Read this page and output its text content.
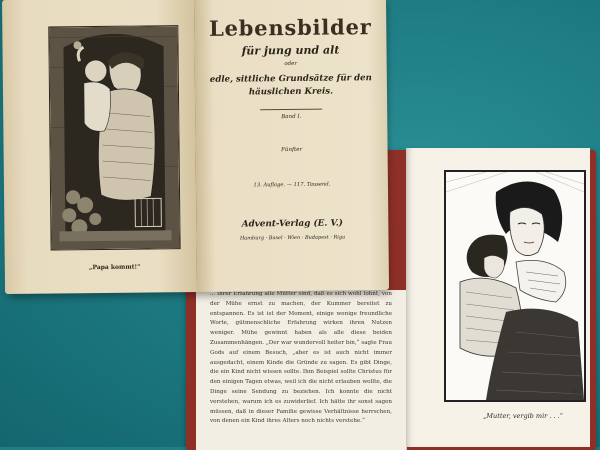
... ihrer Erfahrung alle Mütter sind, daß es sich wohl lohnt, von der Mühe ernst zu machen, der Kummer bereitet zu entspannen. Es ist ist der Moment, einige wenige freundliche Worte, gütmenschliche Erfahrung wirken ihren Nutzen weniger. Mühe gewinnt haben als alle diese beiden Zusammenhängen. „Der war wundervoll heiter bin,“ sagte Frau Gods auf einem Besuch, „aber es ist auch nicht immer ausgedacht, einem Kinde die Gründe zu sagen. Es gibt Dinge, die ein Kind nicht wissen sollte. Ihm Beispiel sollte Christus für den einigen Tagen etwas, weil ich die nicht erlauben wollte, die Dinge seine Sendung zu beziehen. Ich konnte die nicht verstehen, warum ich es zuwiderlief. Ich hätte ihr sonst sagen müssen, daß in dieser Familie gewisse Verhältnisse herrschen, von denen ein Kind ihres Alters noch nichts verstehe.“
RG
„Mutter, vergib mir . . .“
„Papa kommt!“
Lebensbilder
für jung und alt
oder
edle, sittliche Grundsätze für den
häuslichen Kreis.
Band I.
Fünfter
13. Auflage. — 117. Tausend.
Advent-Verlag (E. V.)
Hamburg · Basel · Wien · Budapest · Riga
